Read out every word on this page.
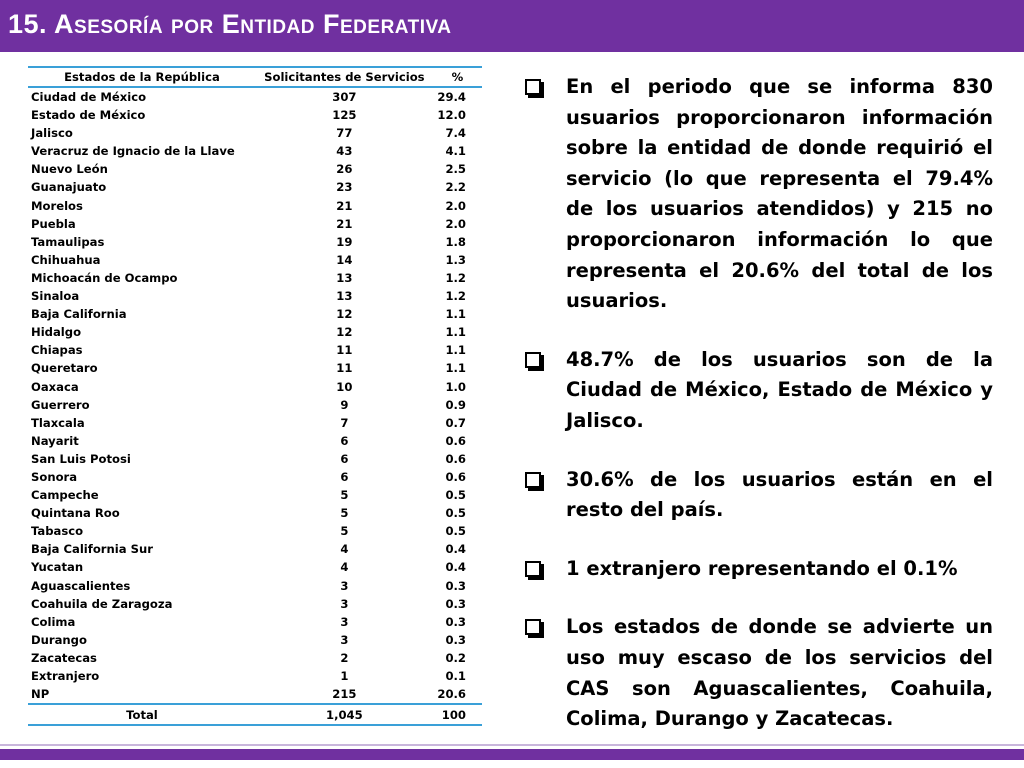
15. Asesoría por Entidad Federativa
Estados de la República	Solicitantes de Servicios	%
Ciudad de México	307	29.4
Estado de México	125	12.0
Jalisco	77	7.4
Veracruz de Ignacio de la Llave	43	4.1
Nuevo León	26	2.5
Guanajuato	23	2.2
Morelos	21	2.0
Puebla	21	2.0
Tamaulipas	19	1.8
Chihuahua	14	1.3
Michoacán de Ocampo	13	1.2
Sinaloa	13	1.2
Baja California	12	1.1
Hidalgo	12	1.1
Chiapas	11	1.1
Queretaro	11	1.1
Oaxaca	10	1.0
Guerrero	9	0.9
Tlaxcala	7	0.7
Nayarit	6	0.6
San Luis Potosi	6	0.6
Sonora	6	0.6
Campeche	5	0.5
Quintana Roo	5	0.5
Tabasco	5	0.5
Baja California Sur	4	0.4
Yucatan	4	0.4
Aguascalientes	3	0.3
Coahuila de Zaragoza	3	0.3
Colima	3	0.3
Durango	3	0.3
Zacatecas	2	0.2
Extranjero	1	0.1
NP	215	20.6
Total	1,045	100
En el periodo que se informa 830 usuarios proporcionaron información sobre la entidad de donde requirió el servicio (lo que representa el 79.4% de los usuarios atendidos) y 215 no proporcionaron información lo que representa el 20.6% del total de los usuarios.
48.7% de los usuarios son de la Ciudad de México, Estado de México y Jalisco.
30.6% de los usuarios están en el resto del país.
1 extranjero representando el 0.1%
Los estados de donde se advierte un uso muy escaso de los servicios del CAS son Aguascalientes, Coahuila, Colima, Durango y Zacatecas.
